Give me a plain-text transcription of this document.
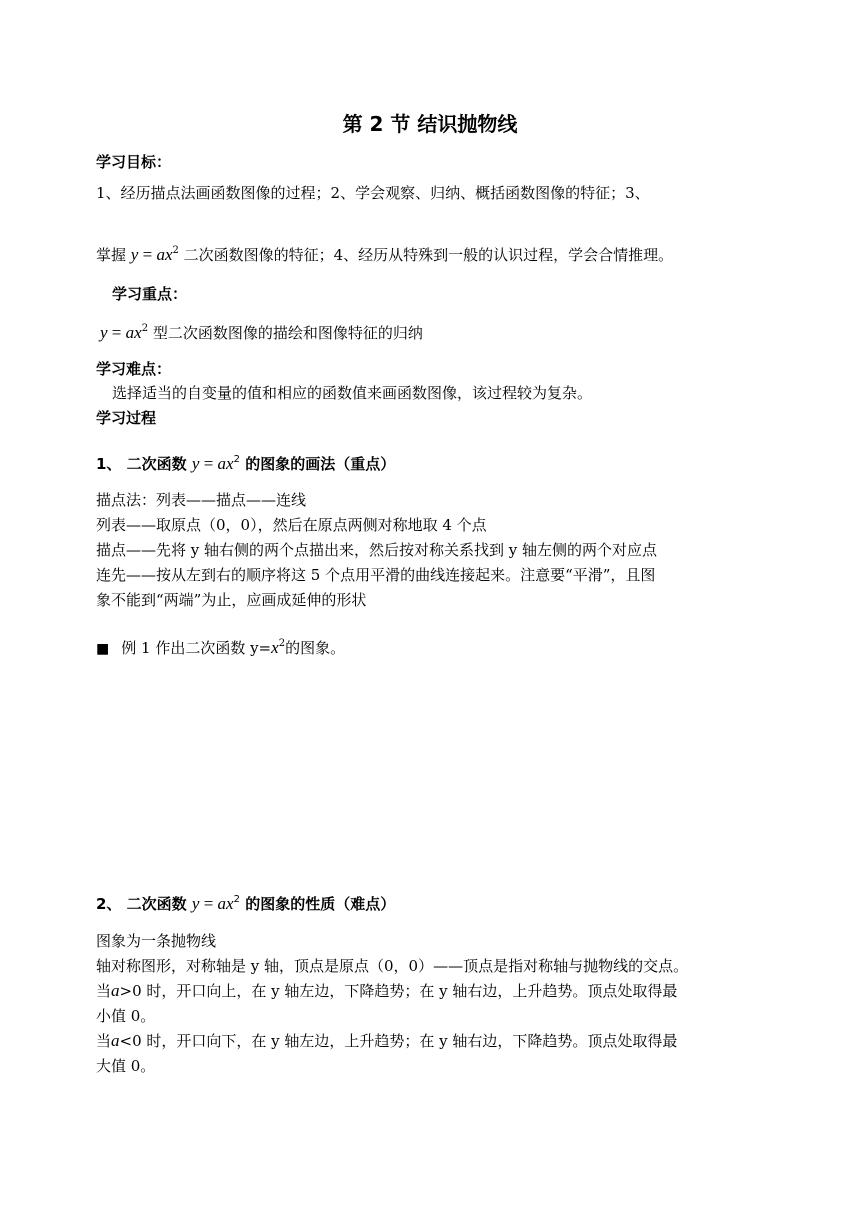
第 2 节 结识抛物线
学习目标：
1、经历描点法画函数图像的过程；2、学会观察、归纳、概括函数图像的特征；3、
掌握 $y = ax^2$ 二次函数图像的特征；4、经历从特殊到一般的认识过程，学会合情推理。
学习重点：
$y = ax^2$ 型二次函数图像的描绘和图像特征的归纳
学习难点：
选择适当的自变量的值和相应的函数值来画函数图像，该过程较为复杂。
学习过程
1、 二次函数 $y = ax^2$ 的图象的画法（重点）
描点法：列表——描点——连线
列表——取原点（0，0），然后在原点两侧对称地取 4 个点
描点——先将 y 轴右侧的两个点描出来，然后按对称关系找到 y 轴左侧的两个对应点
连先——按从左到右的顺序将这 5 个点用平滑的曲线连接起来。注意要“平滑”，且图
象不能到“两端”为止，应画成延伸的形状
■ 例 1 作出二次函数 $y=x^2$的图象。
2、 二次函数 $y = ax^2$ 的图象的性质（难点）
图象为一条抛物线
轴对称图形，对称轴是 y 轴，顶点是原点（0，0）——顶点是指对称轴与抛物线的交点。
当a>0 时，开口向上，在 y 轴左边，下降趋势；在 y 轴右边，上升趋势。顶点处取得最
小值 0。
当a<0 时，开口向下，在 y 轴左边，上升趋势；在 y 轴右边，下降趋势。顶点处取得最
大值 0。
